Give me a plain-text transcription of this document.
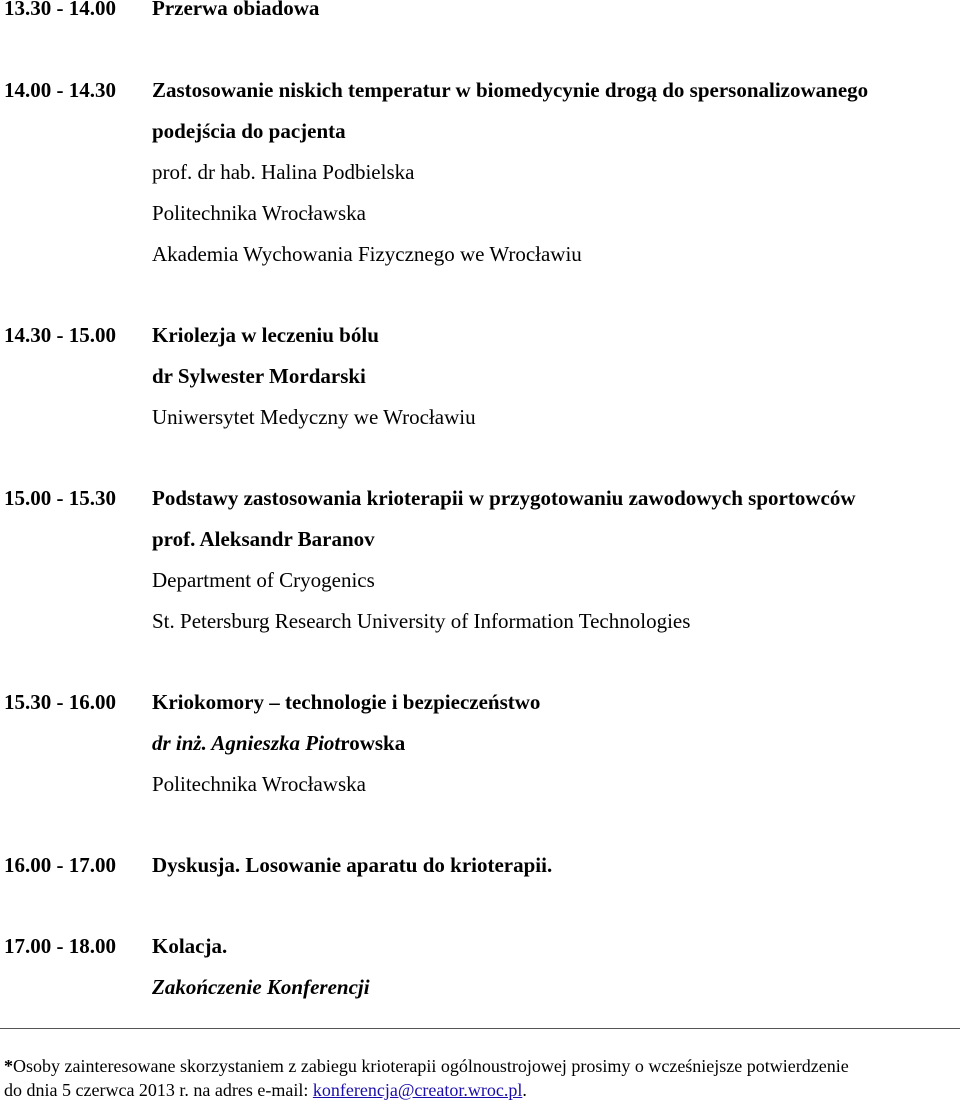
13.30 - 14.00	Przerwa obiadowa
14.00 - 14.30	Zastosowanie niskich temperatur w biomedycynie drogą do spersonalizowanego
podejścia do pacjenta
prof. dr hab. Halina Podbielska
Politechnika Wrocławska
Akademia Wychowania Fizycznego we Wrocławiu
14.30 - 15.00	Kriolezja w leczeniu bólu
dr Sylwester Mordarski
Uniwersytet Medyczny we Wrocławiu
15.00 - 15.30	Podstawy zastosowania krioterapii w przygotowaniu zawodowych sportowców
prof. Aleksandr Baranov
Department of Cryogenics
St. Petersburg Research University of Information Technologies
15.30 - 16.00	Kriokomory – technologie i bezpieczeństwo
dr inż. Agnieszka Piotrowska
Politechnika Wrocławska
16.00 - 17.00	Dyskusja. Losowanie aparatu do krioterapii.
17.00 - 18.00	Kolacja.
Zakończenie Konferencji
*Osoby zainteresowane skorzystaniem z zabiegu krioterapii ogólnoustrojowej prosimy o wcześniejsze potwierdzenie
do dnia 5 czerwca 2013 r. na adres e-mail: konferencja@creator.wroc.pl.
